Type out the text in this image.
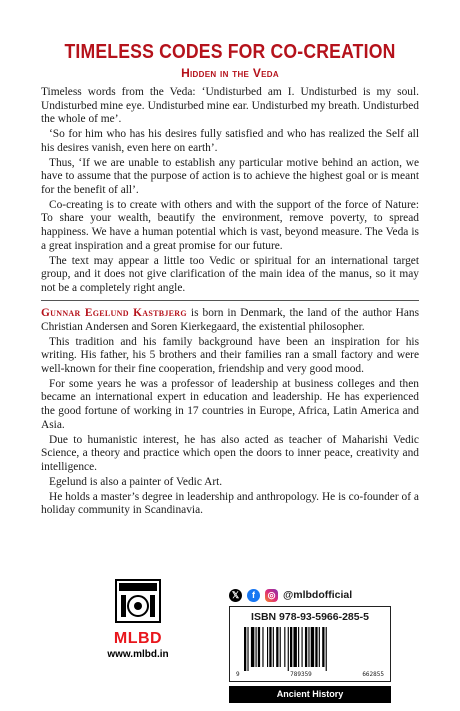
TIMELESS CODES FOR CO-CREATION
Hidden in the Veda

Timeless words from the Veda: ‘Undisturbed am I. Undisturbed is my soul. Undisturbed mine eye. Undisturbed mine ear. Undisturbed my breath. Undisturbed the whole of me’.

‘So for him who has his desires fully satisfied and who has realized the Self all his desires vanish, even here on earth’.

Thus, ‘If we are unable to establish any particular motive behind an action, we have to assume that the purpose of action is to achieve the highest goal or is meant for the benefit of all’.

Co-creating is to create with others and with the support of the force of Nature: To share your wealth, beautify the environment, remove poverty, to spread happiness. We have a human potential which is vast, beyond measure. The Veda is a great inspiration and a great promise for our future.

The text may appear a little too Vedic or spiritual for an international target group, and it does not give clarification of the main idea of the manus, so it may not be a completely right angle.

Gunnar Egelund Kastbjerg is born in Denmark, the land of the author Hans Christian Andersen and Soren Kierkegaard, the existential philosopher.

This tradition and his family background have been an inspiration for his writing. His father, his 5 brothers and their families ran a small factory and were well-known for their fine cooperation, friendship and very good mood.

For some years he was a professor of leadership at business colleges and then became an international expert in education and leadership. He has experienced the good fortune of working in 17 countries in Europe, Africa, Latin America and Asia.

Due to humanistic interest, he has also acted as teacher of Maharishi Vedic Science, a theory and practice which open the doors to inner peace, creativity and intelligence.

Egelund is also a painter of Vedic Art.

He holds a master’s degree in leadership and anthropology. He is co-founder of a holiday community in Scandinavia.

MLBD
www.mlbd.in
𝕏	f	◎ @mlbdofficial
ISBN 978-93-5966-285-5
9	789359	662855
Ancient History
